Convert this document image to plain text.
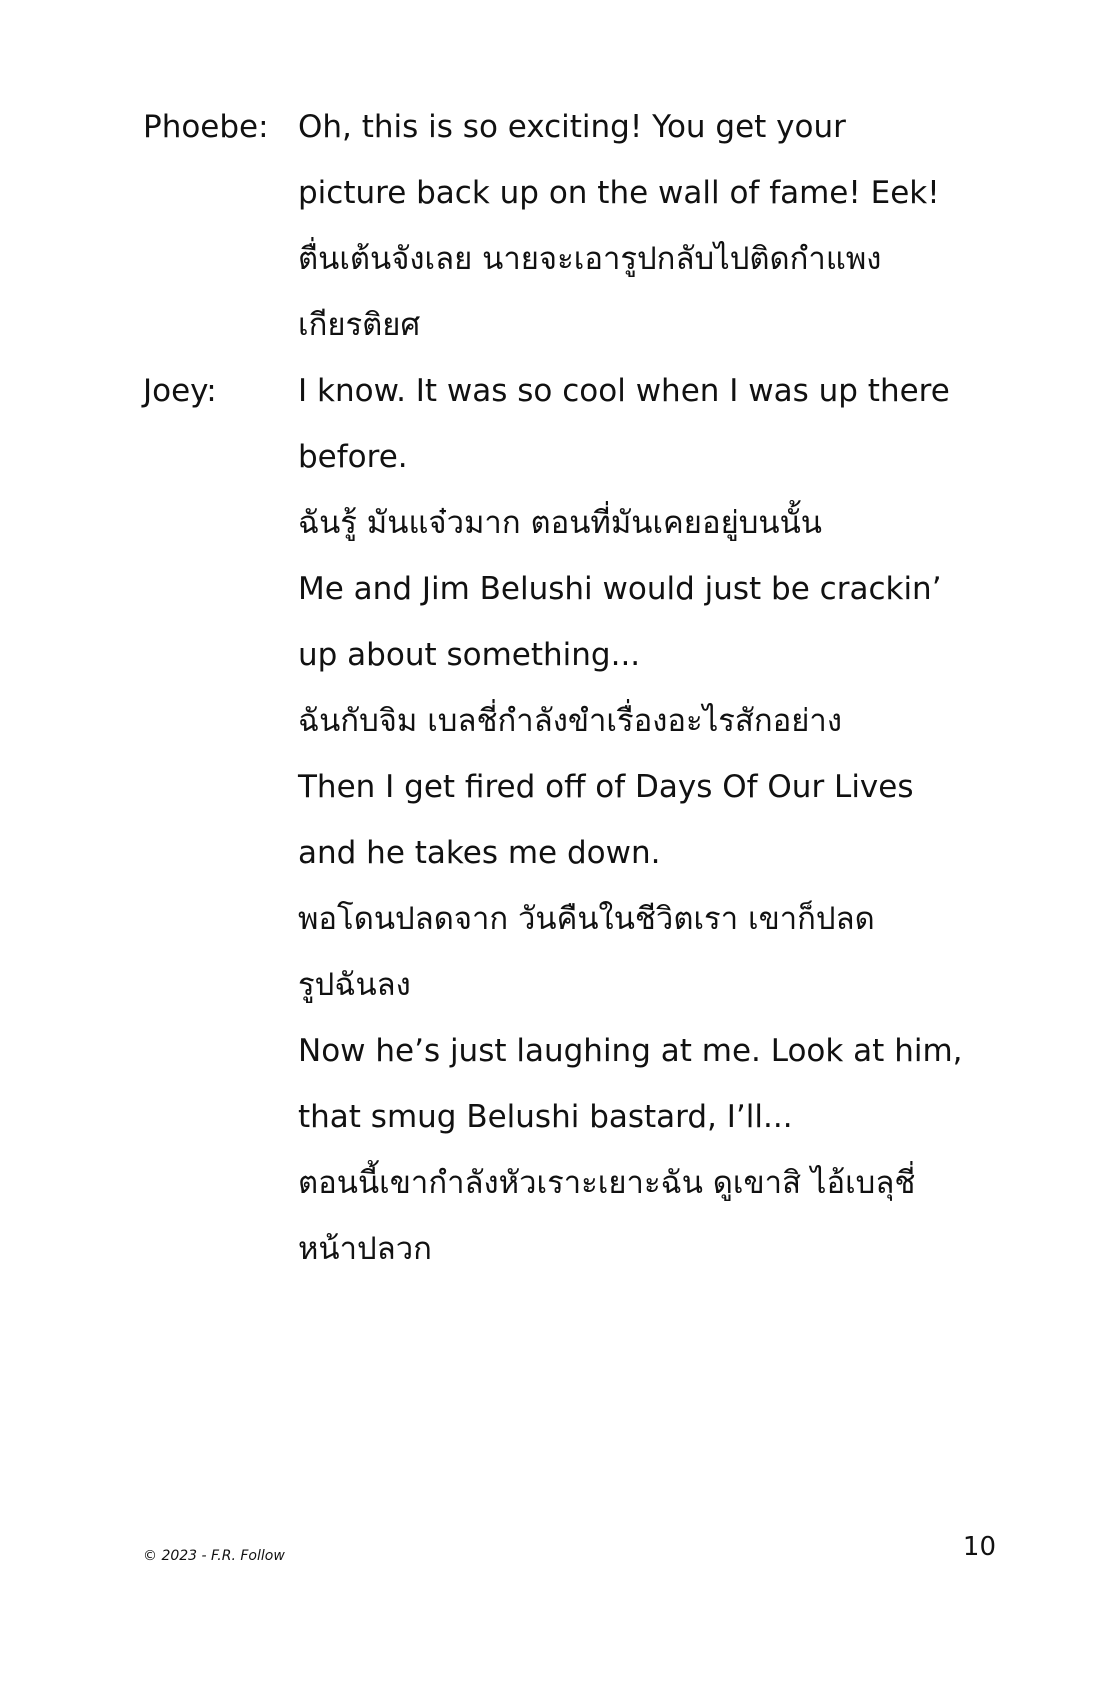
Phoebe: Oh, this is so exciting! You get your
picture back up on the wall of fame! Eek!
ตื่นเต้นจังเลย นายจะเอารูปกลับไปติดกำแพง
เกียรติยศ
Joey:	I know. It was so cool when I was up there
before.
ฉันรู้ มันแจ๋วมาก ตอนที่มันเคยอยู่บนนั้น
Me and Jim Belushi would just be crackin’
up about something...
ฉันกับจิม เบลชี่กำลังขำเรื่องอะไรสักอย่าง
Then I get fired off of Days Of Our Lives
and he takes me down.
พอโดนปลดจาก วันคืนในชีวิตเรา เขาก็ปลด
รูปฉันลง
Now he’s just laughing at me. Look at him,
that smug Belushi bastard, I’ll...
ตอนนี้เขากำลังหัวเราะเยาะฉัน ดูเขาสิ ไอ้เบลุชี่
หน้าปลวก
© 2023 - F.R. Follow	10
